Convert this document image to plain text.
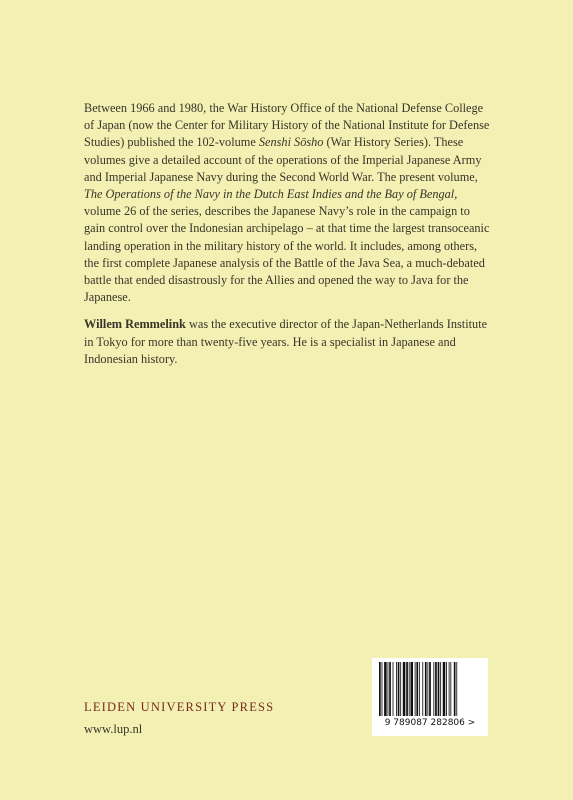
Between 1966 and 1980, the War History Office of the National Defense College of Japan (now the Center for Military History of the National Institute for Defense Studies) published the 102-volume Senshi Sōsho (War History Series). These volumes give a detailed account of the operations of the Imperial Japanese Army and Imperial Japanese Navy during the Second World War. The present volume, The Operations of the Navy in the Dutch East Indies and the Bay of Bengal, volume 26 of the series, describes the Japanese Navy’s role in the campaign to gain control over the Indonesian archipelago – at that time the largest transoceanic landing operation in the military history of the world. It includes, among others, the first complete Japanese analysis of the Battle of the Java Sea, a much-debated battle that ended disastrously for the Allies and opened the way to Java for the Japanese.

Willem Remmelink was the executive director of the Japan-Netherlands Institute in Tokyo for more than twenty-five years. He is a specialist in Japanese and Indonesian history.

LEIDEN UNIVERSITY PRESS
www.lup.nl	9 789087 282806 >
